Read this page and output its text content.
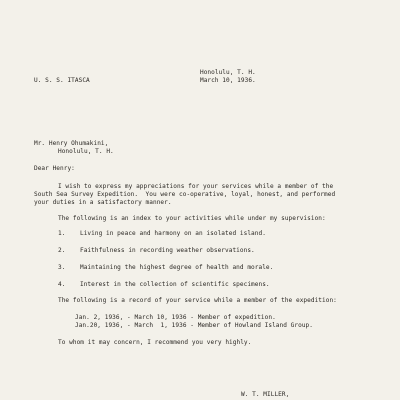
Honolulu, T. H.
March 10, 1936.
U. S. S. ITASCA
Mr. Henry Ohumakini,
Honolulu, T. H.
Dear Henry:
I wish to express my appreciations for your services while a member of the
South Sea Survey Expedition.  You were co-operative, loyal, honest, and performed
your duties in a satisfactory manner.
The following is an index to your activities while under my supervision:
1. Living in peace and harmony on an isolated island.
2. Faithfulness in recording weather observations.
3. Maintaining the highest degree of health and morale.
4. Interest in the collection of scientific specimens.
The following is a record of your service while a member of the expedition:
Jan. 2, 1936, - March 10, 1936 - Member of expedition.
Jan.20, 1936, - March  1, 1936 - Member of Howland Island Group.
To whom it may concern, I recommend you very highly.
W. T. MILLER,
